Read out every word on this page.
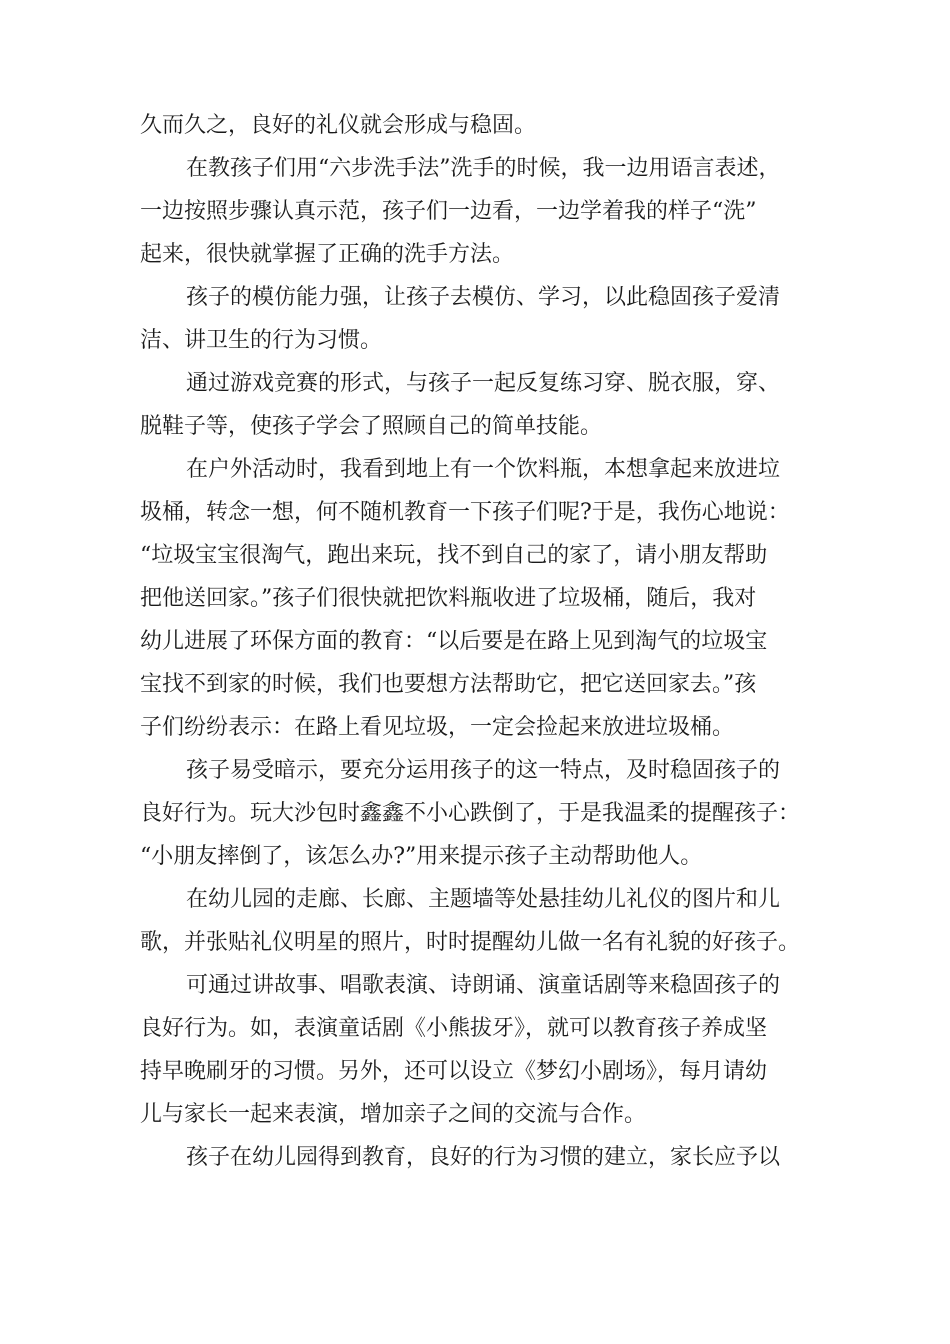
久而久之，良好的礼仪就会形成与稳固。
在教孩子们用“六步洗手法”洗手的时候，我一边用语言表述，
一边按照步骤认真示范，孩子们一边看，一边学着我的样子“洗”
起来，很快就掌握了正确的洗手方法。
孩子的模仿能力强，让孩子去模仿、学习，以此稳固孩子爱清
洁、讲卫生的行为习惯。
通过游戏竞赛的形式，与孩子一起反复练习穿、脱衣服，穿、
脱鞋子等，使孩子学会了照顾自己的简单技能。
在户外活动时，我看到地上有一个饮料瓶，本想拿起来放进垃
圾桶，转念一想，何不随机教育一下孩子们呢?于是，我伤心地说：
“垃圾宝宝很淘气，跑出来玩，找不到自己的家了，请小朋友帮助
把他送回家。”孩子们很快就把饮料瓶收进了垃圾桶，随后，我对
幼儿进展了环保方面的教育：“以后要是在路上见到淘气的垃圾宝
宝找不到家的时候，我们也要想方法帮助它，把它送回家去。”孩
子们纷纷表示：在路上看见垃圾，一定会捡起来放进垃圾桶。
孩子易受暗示，要充分运用孩子的这一特点，及时稳固孩子的
良好行为。玩大沙包时鑫鑫不小心跌倒了，于是我温柔的提醒孩子：
“小朋友摔倒了，该怎么办?”用来提示孩子主动帮助他人。
在幼儿园的走廊、长廊、主题墙等处悬挂幼儿礼仪的图片和儿
歌，并张贴礼仪明星的照片，时时提醒幼儿做一名有礼貌的好孩子。
可通过讲故事、唱歌表演、诗朗诵、演童话剧等来稳固孩子的
良好行为。如，表演童话剧《小熊拔牙》，就可以教育孩子养成坚
持早晚刷牙的习惯。另外，还可以设立《梦幻小剧场》，每月请幼
儿与家长一起来表演，增加亲子之间的交流与合作。
孩子在幼儿园得到教育，良好的行为习惯的建立，家长应予以
